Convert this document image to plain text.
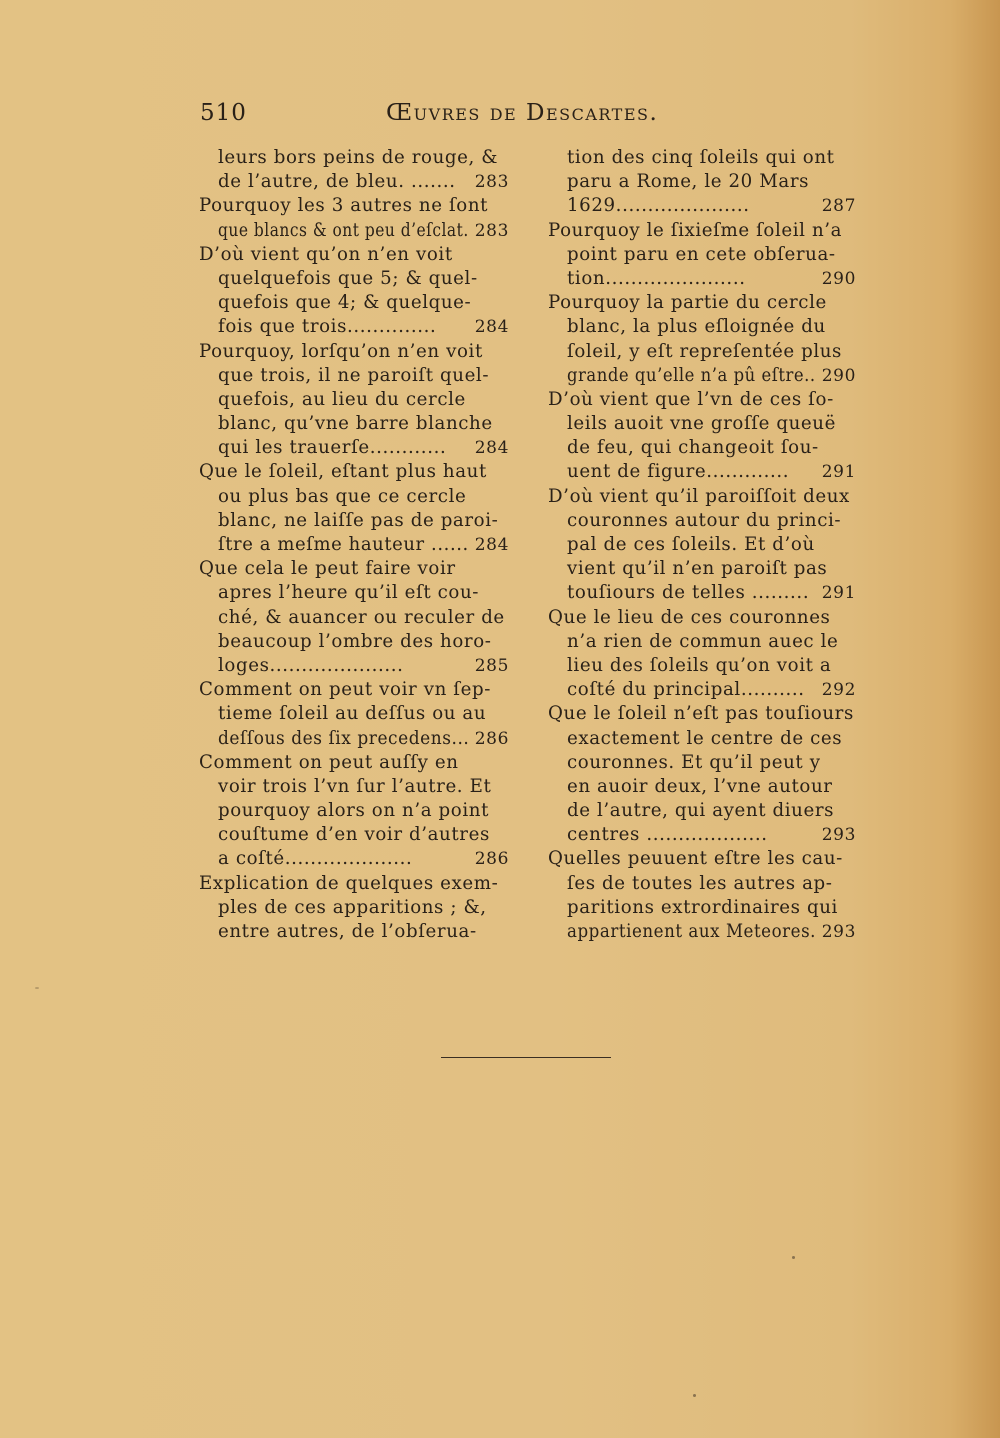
510	Œuvres de Descartes.
leurs bors peins de rouge, &
de l’autre, de bleu. ....... 283
Pourquoy les 3 autres ne ſont
que blancs & ont peu d’eſclat. 283
D’où vient qu’on n’en voit
quelquefois que 5; & quel-
quefois que 4; & quelque-
fois que trois.............. 284
Pourquoy, lorſqu’on n’en voit
que trois, il ne paroiſt quel-
quefois, au lieu du cercle
blanc, qu’vne barre blanche
qui les trauerſe............ 284
Que le ſoleil, eſtant plus haut
ou plus bas que ce cercle
blanc, ne laiſſe pas de paroi-
ſtre a meſme hauteur ...... 284
Que cela le peut faire voir
apres l’heure qu’il eſt cou-
ché, & auancer ou reculer de
beaucoup l’ombre des horo-
loges.....................	285
Comment on peut voir vn ſep-
tieme ſoleil au deſſus ou au
deſſous des ſix precedens... 286
Comment on peut auſſy en
voir trois l’vn ſur l’autre. Et
pourquoy alors on n’a point
couſtume d’en voir d’autres
a coſté....................	286
Explication de quelques exem-
ples de ces apparitions ; &,
entre autres, de l’obſerua-
tion des cinq ſoleils qui ont
paru a Rome, le 20 Mars
1629.....................	287
Pourquoy le ſixieſme ſoleil n’a
point paru en cete obſerua-
tion......................	290
Pourquoy la partie du cercle
blanc, la plus eſloignée du
ſoleil, y eſt repreſentée plus
grande qu’elle n’a pû eſtre.. 290
D’où vient que l’vn de ces ſo-
leils auoit vne groſſe queuë
de feu, qui changeoit ſou-
uent de figure............. 291
D’où vient qu’il paroiſſoit deux
couronnes autour du princi-
pal de ces ſoleils. Et d’où
vient qu’il n’en paroiſt pas
touſiours de telles ......... 291
Que le lieu de ces couronnes
n’a rien de commun auec le
lieu des ſoleils qu’on voit a
coſté du principal.......... 292
Que le ſoleil n’eſt pas touſiours
exactement le centre de ces
couronnes. Et qu’il peut y
en auoir deux, l’vne autour
de l’autre, qui ayent diuers
centres ...................	293
Quelles peuuent eſtre les cau-
ſes de toutes les autres ap-
paritions extrordinaires qui
appartienent aux Meteores. 293
